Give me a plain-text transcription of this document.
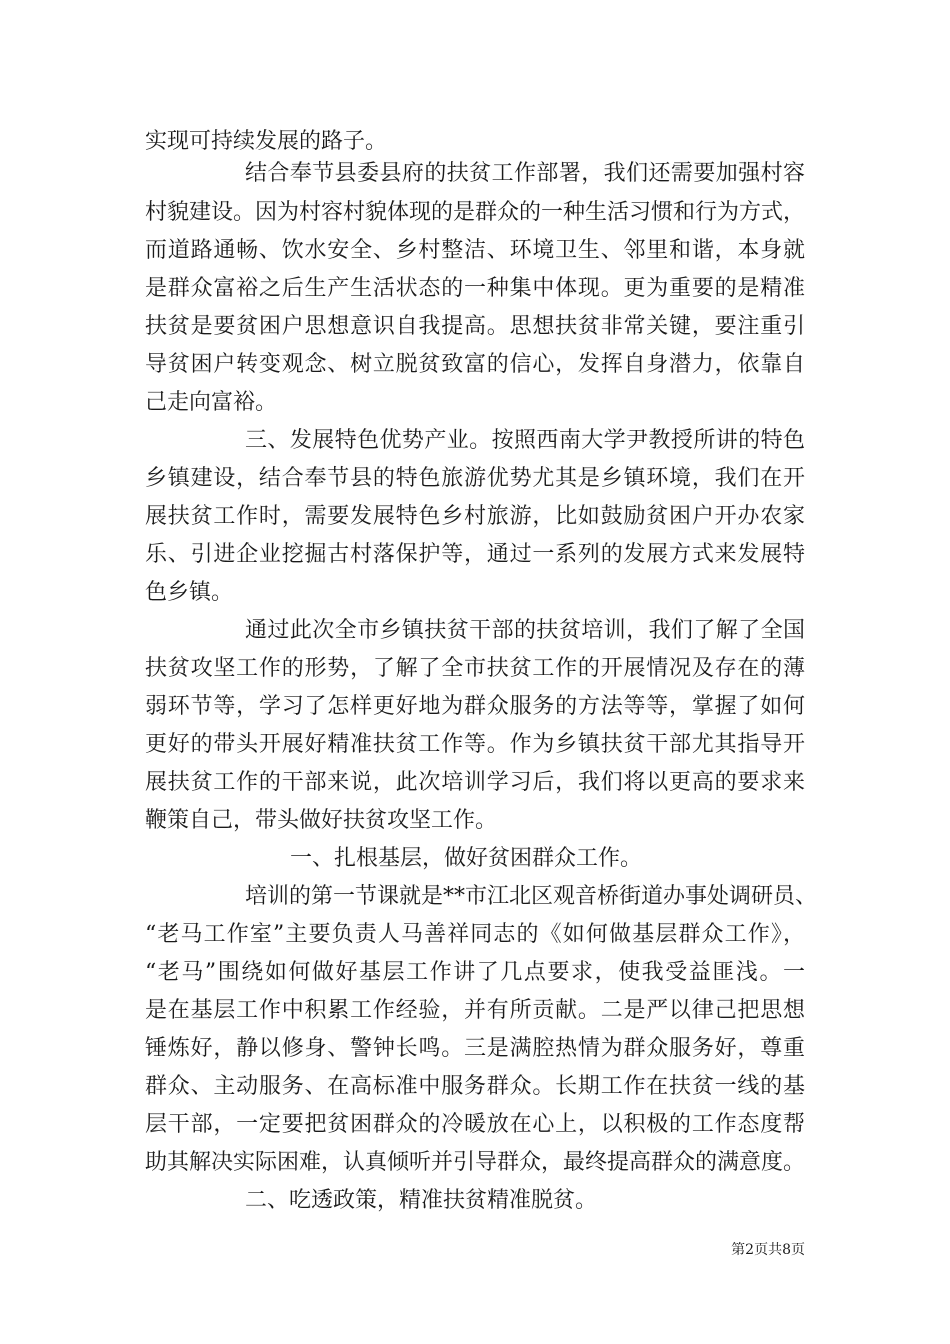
实现可持续发展的路子。
结合奉节县委县府的扶贫工作部署，我们还需要加强村容
村貌建设。因为村容村貌体现的是群众的一种生活习惯和行为方式，
而道路通畅、饮水安全、乡村整洁、环境卫生、邻里和谐，本身就
是群众富裕之后生产生活状态的一种集中体现。更为重要的是精准
扶贫是要贫困户思想意识自我提高。思想扶贫非常关键，要注重引
导贫困户转变观念、树立脱贫致富的信心，发挥自身潜力，依靠自
己走向富裕。
三、发展特色优势产业。按照西南大学尹教授所讲的特色
乡镇建设，结合奉节县的特色旅游优势尤其是乡镇环境，我们在开
展扶贫工作时，需要发展特色乡村旅游，比如鼓励贫困户开办农家
乐、引进企业挖掘古村落保护等，通过一系列的发展方式来发展特
色乡镇。
通过此次全市乡镇扶贫干部的扶贫培训，我们了解了全国
扶贫攻坚工作的形势，了解了全市扶贫工作的开展情况及存在的薄
弱环节等，学习了怎样更好地为群众服务的方法等等，掌握了如何
更好的带头开展好精准扶贫工作等。作为乡镇扶贫干部尤其指导开
展扶贫工作的干部来说，此次培训学习后，我们将以更高的要求来
鞭策自己，带头做好扶贫攻坚工作。
一、扎根基层，做好贫困群众工作。
培训的第一节课就是**市江北区观音桥街道办事处调研员、
“老马工作室”主要负责人马善祥同志的《如何做基层群众工作》，
“老马”围绕如何做好基层工作讲了几点要求，使我受益匪浅。一
是在基层工作中积累工作经验，并有所贡献。二是严以律己把思想
锤炼好，静以修身、警钟长鸣。三是满腔热情为群众服务好，尊重
群众、主动服务、在高标准中服务群众。长期工作在扶贫一线的基
层干部，一定要把贫困群众的冷暖放在心上，以积极的工作态度帮
助其解决实际困难，认真倾听并引导群众，最终提高群众的满意度。
二、吃透政策，精准扶贫精准脱贫。
第2页共8页
